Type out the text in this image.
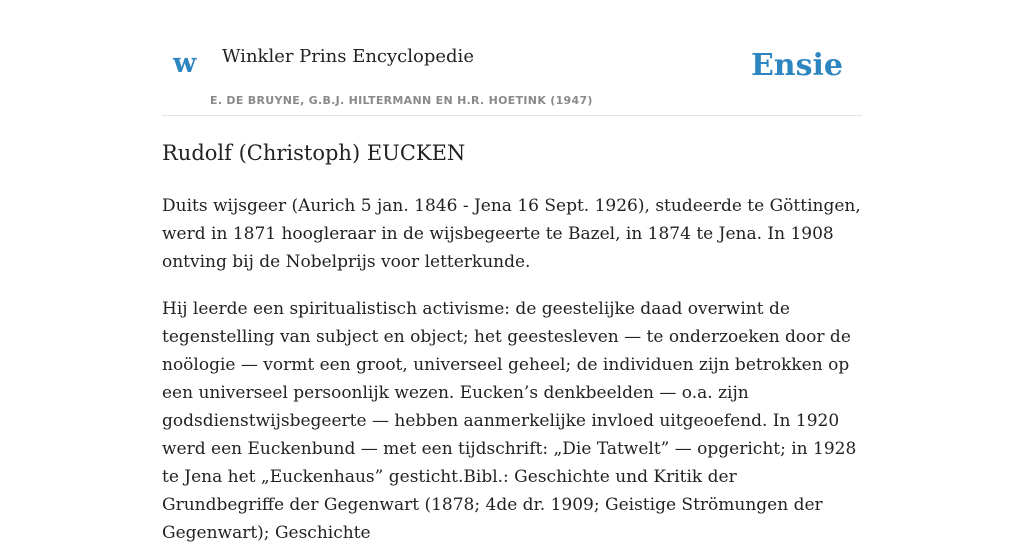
w Winkler Prins Encyclopedie
E. DE BRUYNE, G.B.J. HILTERMANN EN H.R. HOETINK (1947)
Ensie
Rudolf (Christoph) EUCKEN

Duits wijsgeer (Aurich 5 jan. 1846 - Jena 16 Sept. 1926), studeerde te Göttingen, werd in 1871 hoogleraar in de wijsbegeerte te Bazel, in 1874 te Jena. In 1908 ontving bij de Nobelprijs voor letterkunde.

Hij leerde een spiritualistisch activisme: de geestelijke daad overwint de tegenstelling van subject en object; het geestesleven — te onderzoeken door de noölogie — vormt een groot, universeel geheel; de individuen zijn betrokken op een universeel persoonlijk wezen. Eucken’s denkbeelden — o.a. zijn godsdienstwijsbegeerte — hebben aanmerkelijke invloed uitgeoefend. In 1920 werd een Euckenbund — met een tijdschrift: „Die Tatwelt” — opgericht; in 1928 te Jena het „Euckenhaus” gesticht.Bibl.: Geschichte und Kritik der Grundbegriffe der Gegenwart (1878; 4de dr. 1909; Geistige Strömungen der Gegenwart); Geschichte
